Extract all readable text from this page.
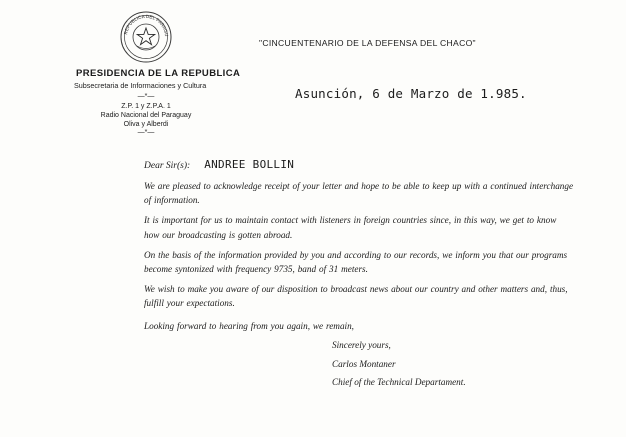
REPUBLICA DEL PARAGU
PRESIDENCIA DE LA REPUBLICA
Subsecretaria de Informaciones y Cultura
—*—
Z.P. 1 y Z.P.A. 1
Radio Nacional del Paraguay
Oliva y Alberdi
—*—
"CINCUENTENARIO DE LA DEFENSA DEL CHACO"
Asunción, 6 de Marzo de 1.985.
Dear Sir(s): ANDREE BOLLIN

We are pleased to acknowledge receipt of your letter and hope to be able to keep up with a continued interchange of information.

It is important for us to maintain contact with listeners in foreign countries since, in this way, we get to know how our broadcasting is gotten abroad.

On the basis of the information provided by you and according to our records, we inform you that our programs become syntonized with frequency 9735, band of 31 meters.

We wish to make you aware of our disposition to broadcast news about our country and other matters and, thus, fulfill your expectations.

Looking forward to hearing from you again, we remain,

Sincerely yours,
Carlos Montaner
Chief of the Technical Departament.
